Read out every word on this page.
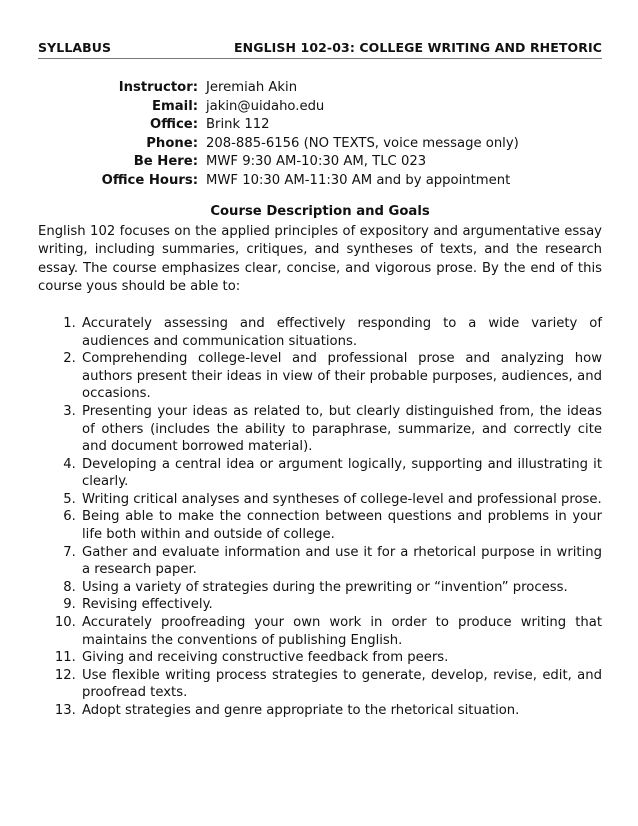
SYLLABUS	ENGLISH 102-03: COLLEGE WRITING AND RHETORIC
Instructor: Jeremiah Akin
Email: jakin@uidaho.edu
Office: Brink 112
Phone: 208-885-6156 (NO TEXTS, voice message only)
Be Here: MWF 9:30 AM-10:30 AM, TLC 023
Office Hours: MWF 10:30 AM-11:30 AM and by appointment
Course Description and Goals

English 102 focuses on the applied principles of expository and argumentative essay writing, including summaries, critiques, and syntheses of texts, and the research essay. The course emphasizes clear, concise, and vigorous prose. By the end of this course yous should be able to:

1. Accurately assessing and effectively responding to a wide variety of audiences and communication situations.
2. Comprehending college-level and professional prose and analyzing how authors present their ideas in view of their probable purposes, audiences, and occasions.
3. Presenting your ideas as related to, but clearly distinguished from, the ideas of others (includes the ability to paraphrase, summarize, and correctly cite and document borrowed material).
4. Developing a central idea or argument logically, supporting and illustrating it clearly.
5. Writing critical analyses and syntheses of college-level and professional prose.
6. Being able to make the connection between questions and problems in your life both within and outside of college.
7. Gather and evaluate information and use it for a rhetorical purpose in writing a research paper.
8. Using a variety of strategies during the prewriting or “invention” process.
9. Revising effectively.
10. Accurately proofreading your own work in order to produce writing that maintains the conventions of publishing English.
11. Giving and receiving constructive feedback from peers.
12. Use flexible writing process strategies to generate, develop, revise, edit, and proofread texts.
13. Adopt strategies and genre appropriate to the rhetorical situation.
